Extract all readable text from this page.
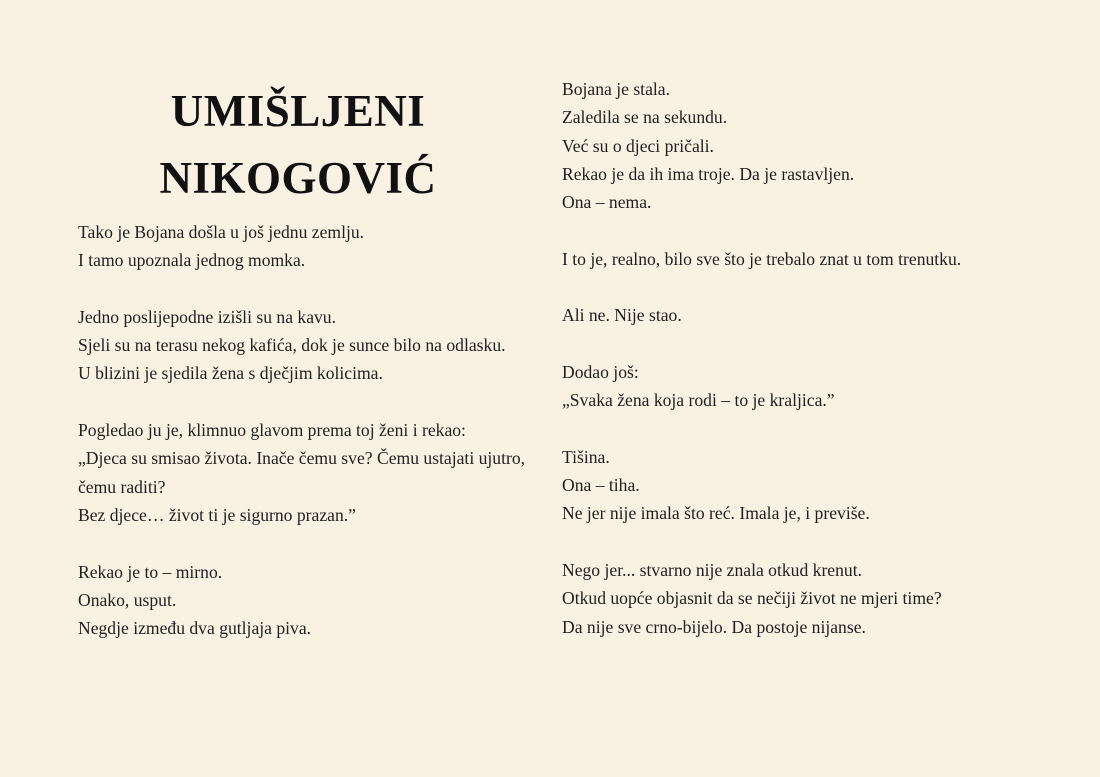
UMIŠLJENI
NIKOGOVIĆ

Tako je Bojana došla u još jednu zemlju.
I tamo upoznala jednog momka.

Jedno poslijepodne izišli su na kavu.
Sjeli su na terasu nekog kafića, dok je sunce bilo na odlasku.
U blizini je sjedila žena s dječjim kolicima.

Pogledao ju je, klimnuo glavom prema toj ženi i rekao:
„Djeca su smisao života. Inače čemu sve? Čemu ustajati ujutro, čemu raditi?
Bez djece… život ti je sigurno prazan.”

Rekao je to – mirno.
Onako, usput.
Negdje između dva gutljaja piva.

Bojana je stala.
Zaledila se na sekundu.
Već su o djeci pričali.
Rekao je da ih ima troje. Da je rastavljen.
Ona – nema.

I to je, realno, bilo sve što je trebalo znat u tom trenutku.

Ali ne. Nije stao.

Dodao još:
„Svaka žena koja rodi – to je kraljica.”

Tišina.
Ona – tiha.
Ne jer nije imala što reć. Imala je, i previše.

Nego jer... stvarno nije znala otkud krenut.
Otkud uopće objasnit da se nečiji život ne mjeri time?
Da nije sve crno-bijelo. Da postoje nijanse.
